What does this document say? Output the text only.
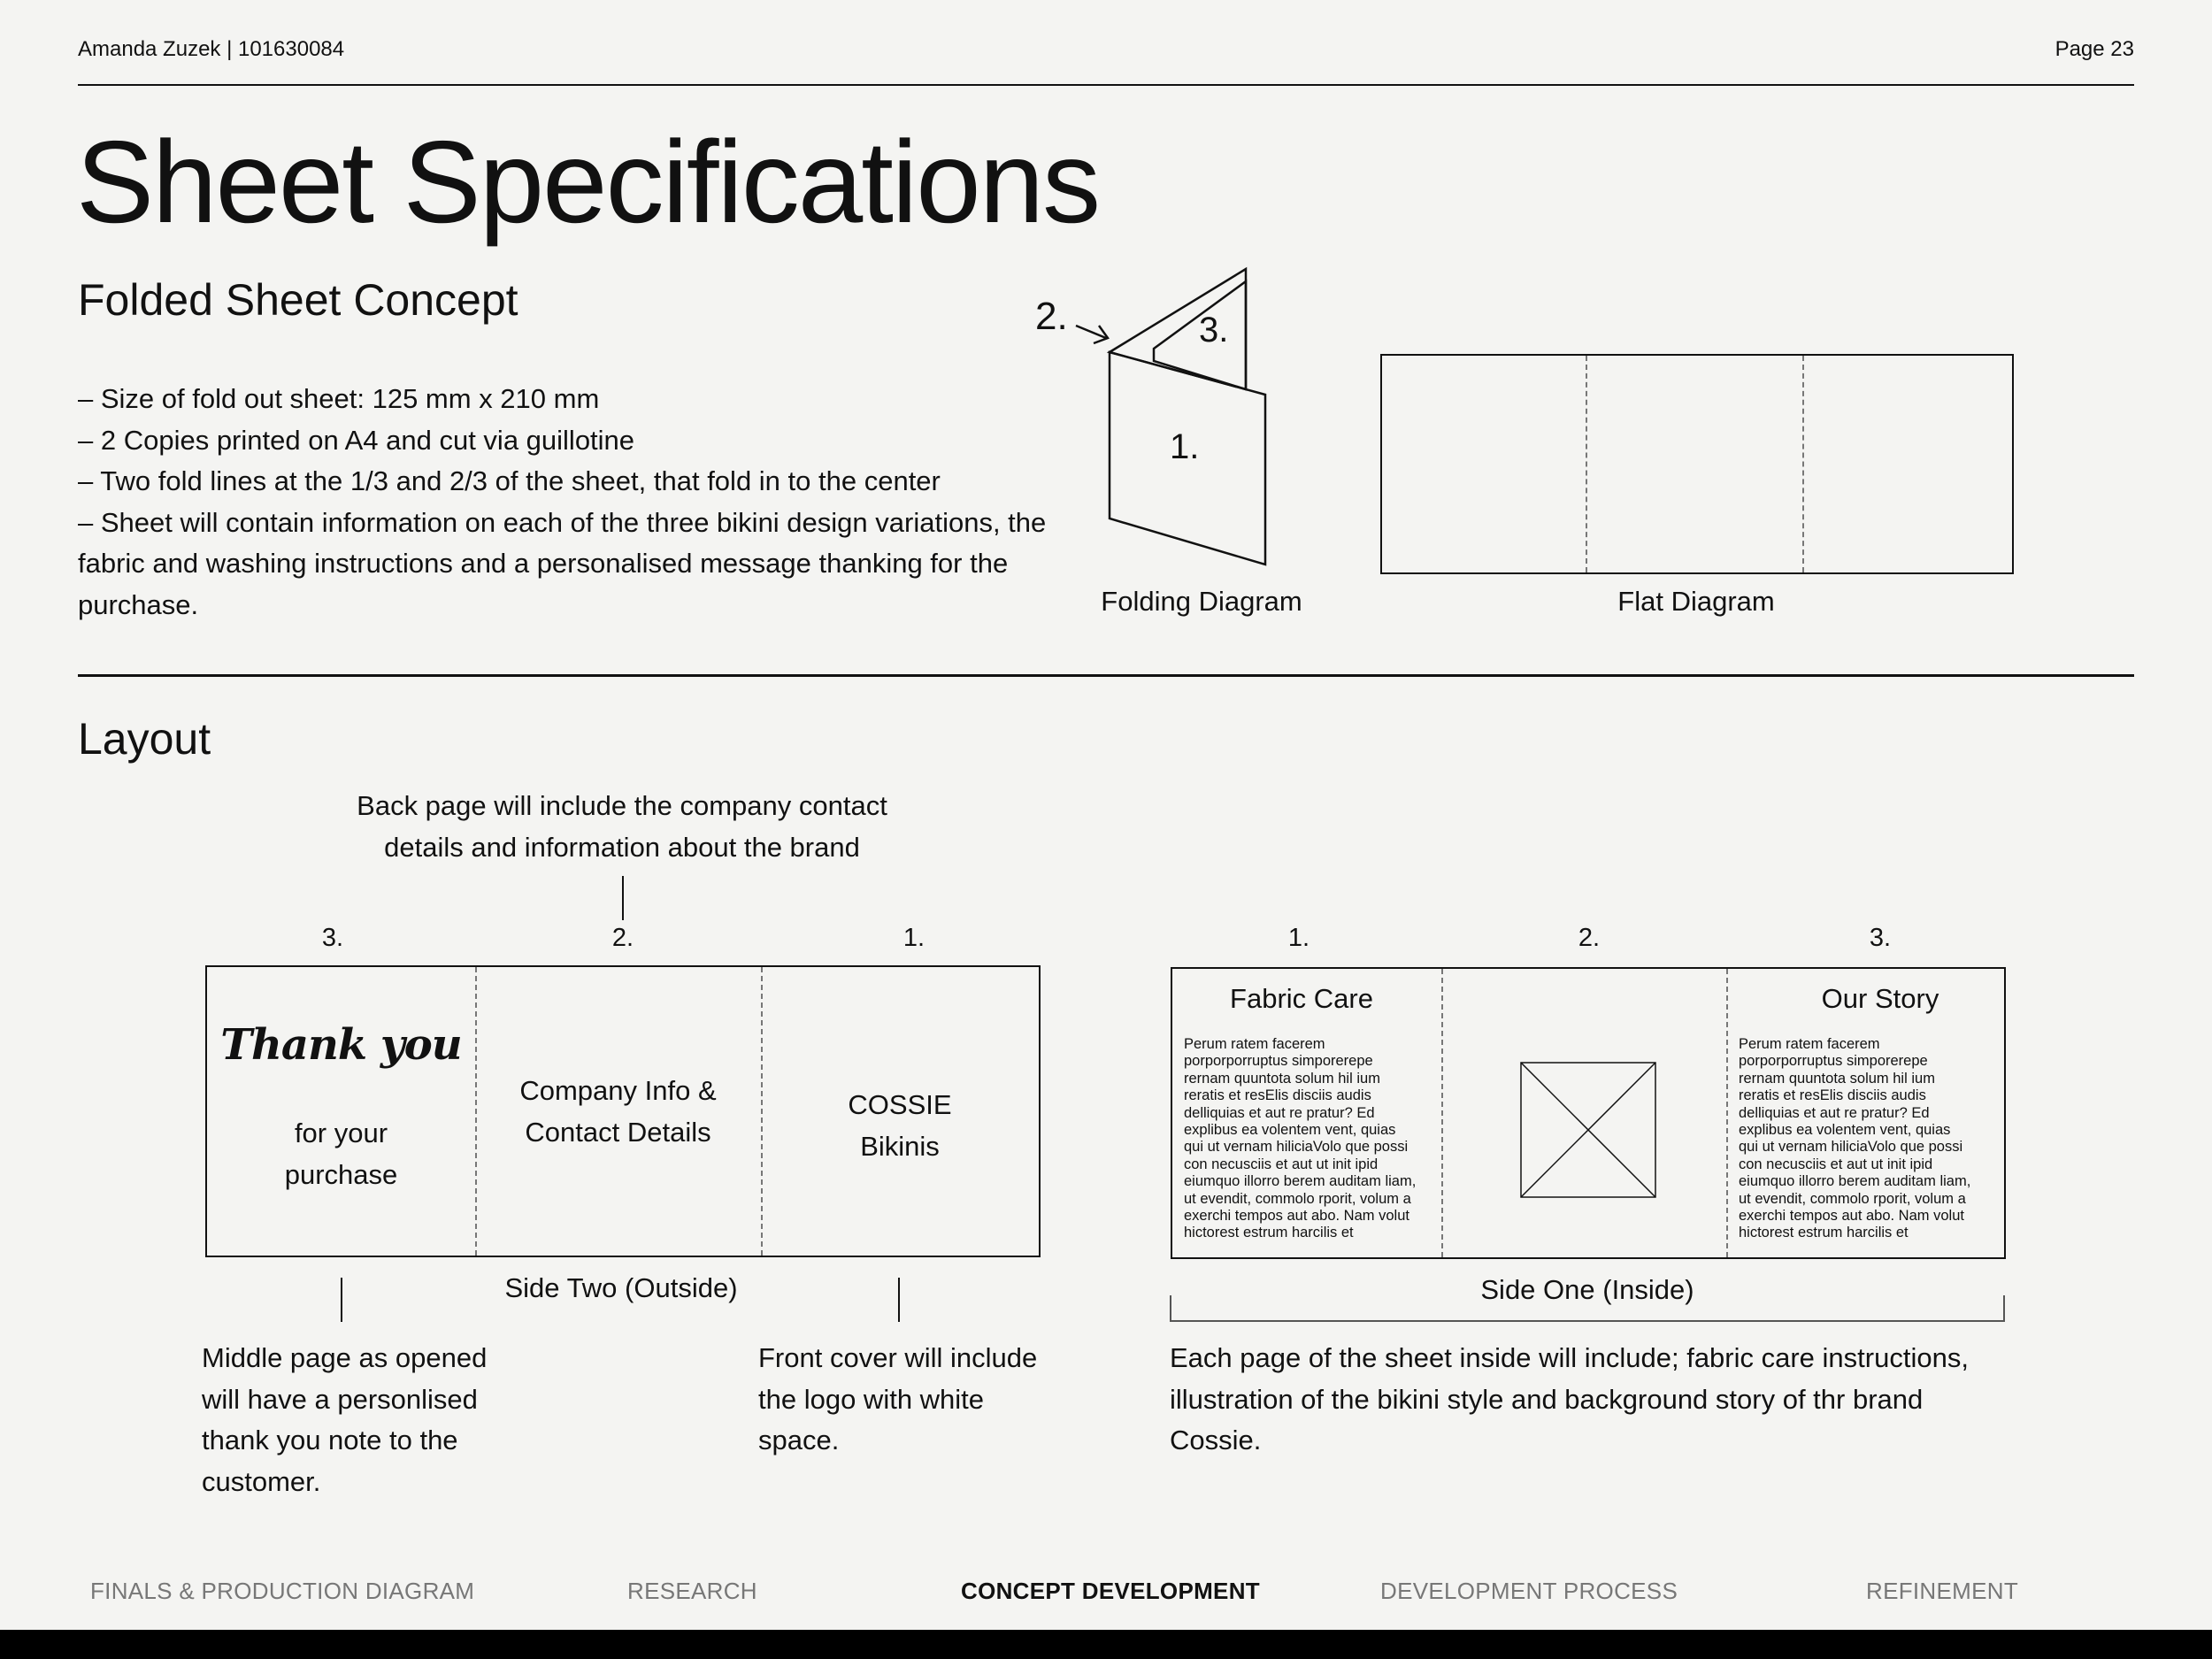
Amanda Zuzek | 101630084	Page 23
Sheet Specifications
Folded Sheet Concept
– Size of fold out sheet: 125 mm x 210 mm
– 2 Copies printed on A4 and cut via guillotine
– Two fold lines at the 1/3 and 2/3 of the sheet, that fold in to the center
– Sheet will contain information on each of the three bikini design variations, the fabric and washing instructions and a personalised message thanking for the purchase.
2.	3.
1.
Folding Diagram	Flat Diagram
Layout
Back page will include the company contact
details and information about the brand
3.	2.	1.
Thank you
for your
purchase
Company Info &
Contact Details
COSSIE
Bikinis
Side Two (Outside)
Middle page as opened
will have a personlised
thank you note to the
customer.
Front cover will include
the logo with white
space.
1.	2.	3.
Fabric Care
Perum ratem facerem
porporporruptus simporerepe
rernam quuntota solum hil ium
reratis et resElis disciis audis
delliquias et aut re pratur? Ed
explibus ea volentem vent, quias
qui ut vernam hiliciaVolo que possi
con necusciis et aut ut init ipid
eiumquo illorro berem auditam liam,
ut evendit, commolo rporit, volum a
exerchi tempos aut abo. Nam volut
hictorest estrum harcilis et
Our Story
Perum ratem facerem
porporporruptus simporerepe
rernam quuntota solum hil ium
reratis et resElis disciis audis
delliquias et aut re pratur? Ed
explibus ea volentem vent, quias
qui ut vernam hiliciaVolo que possi
con necusciis et aut ut init ipid
eiumquo illorro berem auditam liam,
ut evendit, commolo rporit, volum a
exerchi tempos aut abo. Nam volut
hictorest estrum harcilis et
Side One (Inside)
Each page of the sheet inside will include; fabric care instructions,
illustration of the bikini style and background story of thr brand
Cossie.
FINALS & PRODUCTION DIAGRAM	RESEARCH	CONCEPT DEVELOPMENT	DEVELOPMENT PROCESS	REFINEMENT
